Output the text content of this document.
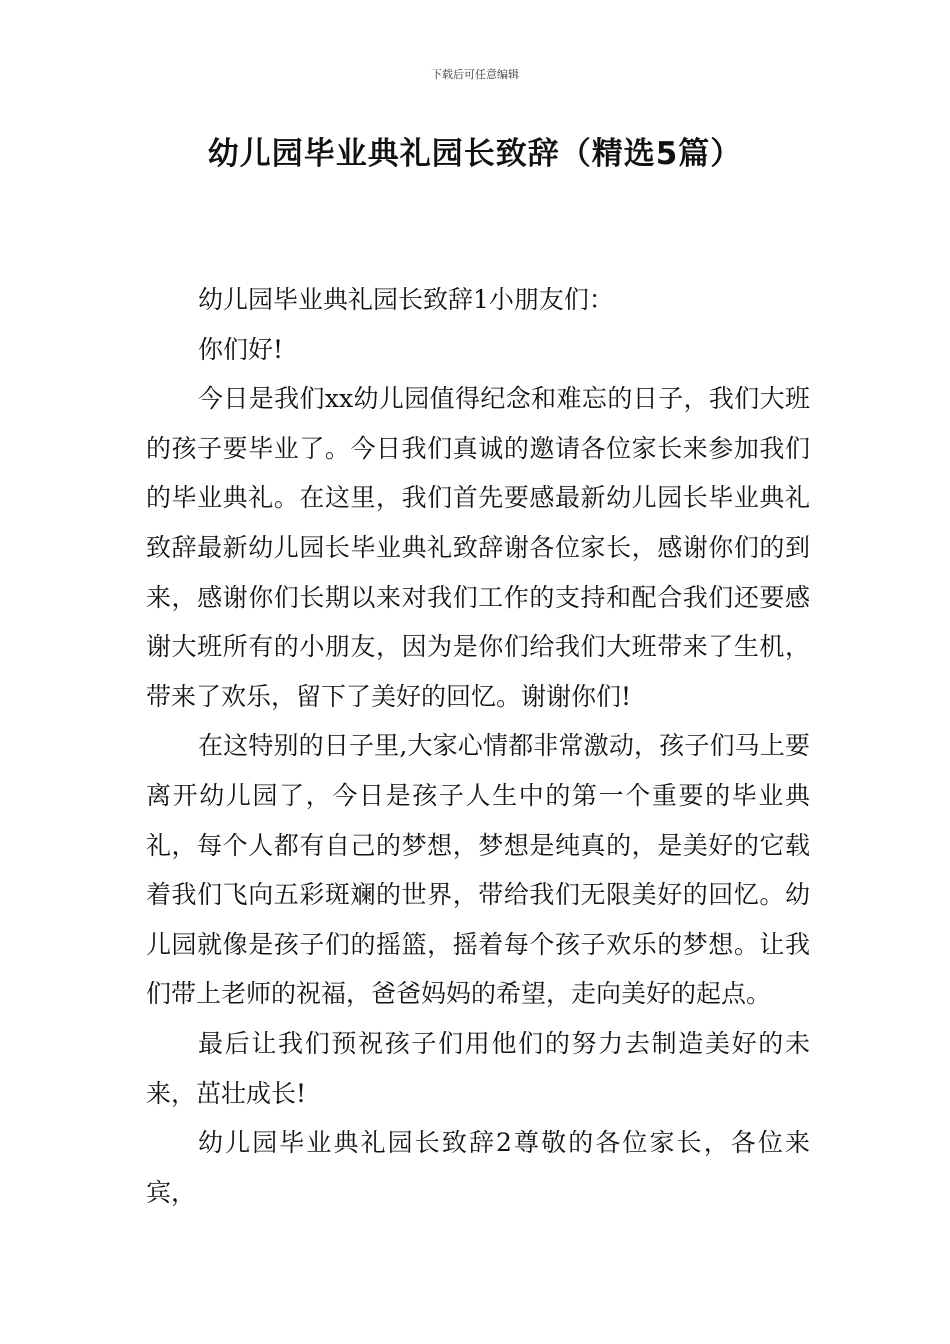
下载后可任意编辑
幼儿园毕业典礼园长致辞（精选5篇）

幼儿园毕业典礼园长致辞1小朋友们：

你们好!

今日是我们xx幼儿园值得纪念和难忘的日子，我们大班的孩子要毕业了。今日我们真诚的邀请各位家长来参加我们的毕业典礼。在这里，我们首先要感最新幼儿园长毕业典礼致辞最新幼儿园长毕业典礼致辞谢各位家长，感谢你们的到来，感谢你们长期以来对我们工作的支持和配合我们还要感谢大班所有的小朋友，因为是你们给我们大班带来了生机，带来了欢乐，留下了美好的回忆。谢谢你们!

在这特别的日子里,大家心情都非常激动，孩子们马上要离开幼儿园了，今日是孩子人生中的第一个重要的毕业典礼，每个人都有自己的梦想，梦想是纯真的，是美好的它载着我们飞向五彩斑斓的世界，带给我们无限美好的回忆。幼儿园就像是孩子们的摇篮，摇着每个孩子欢乐的梦想。让我们带上老师的祝福，爸爸妈妈的希望，走向美好的起点。

最后让我们预祝孩子们用他们的努力去制造美好的未来，茁壮成长!

幼儿园毕业典礼园长致辞2尊敬的各位家长，各位来宾，
